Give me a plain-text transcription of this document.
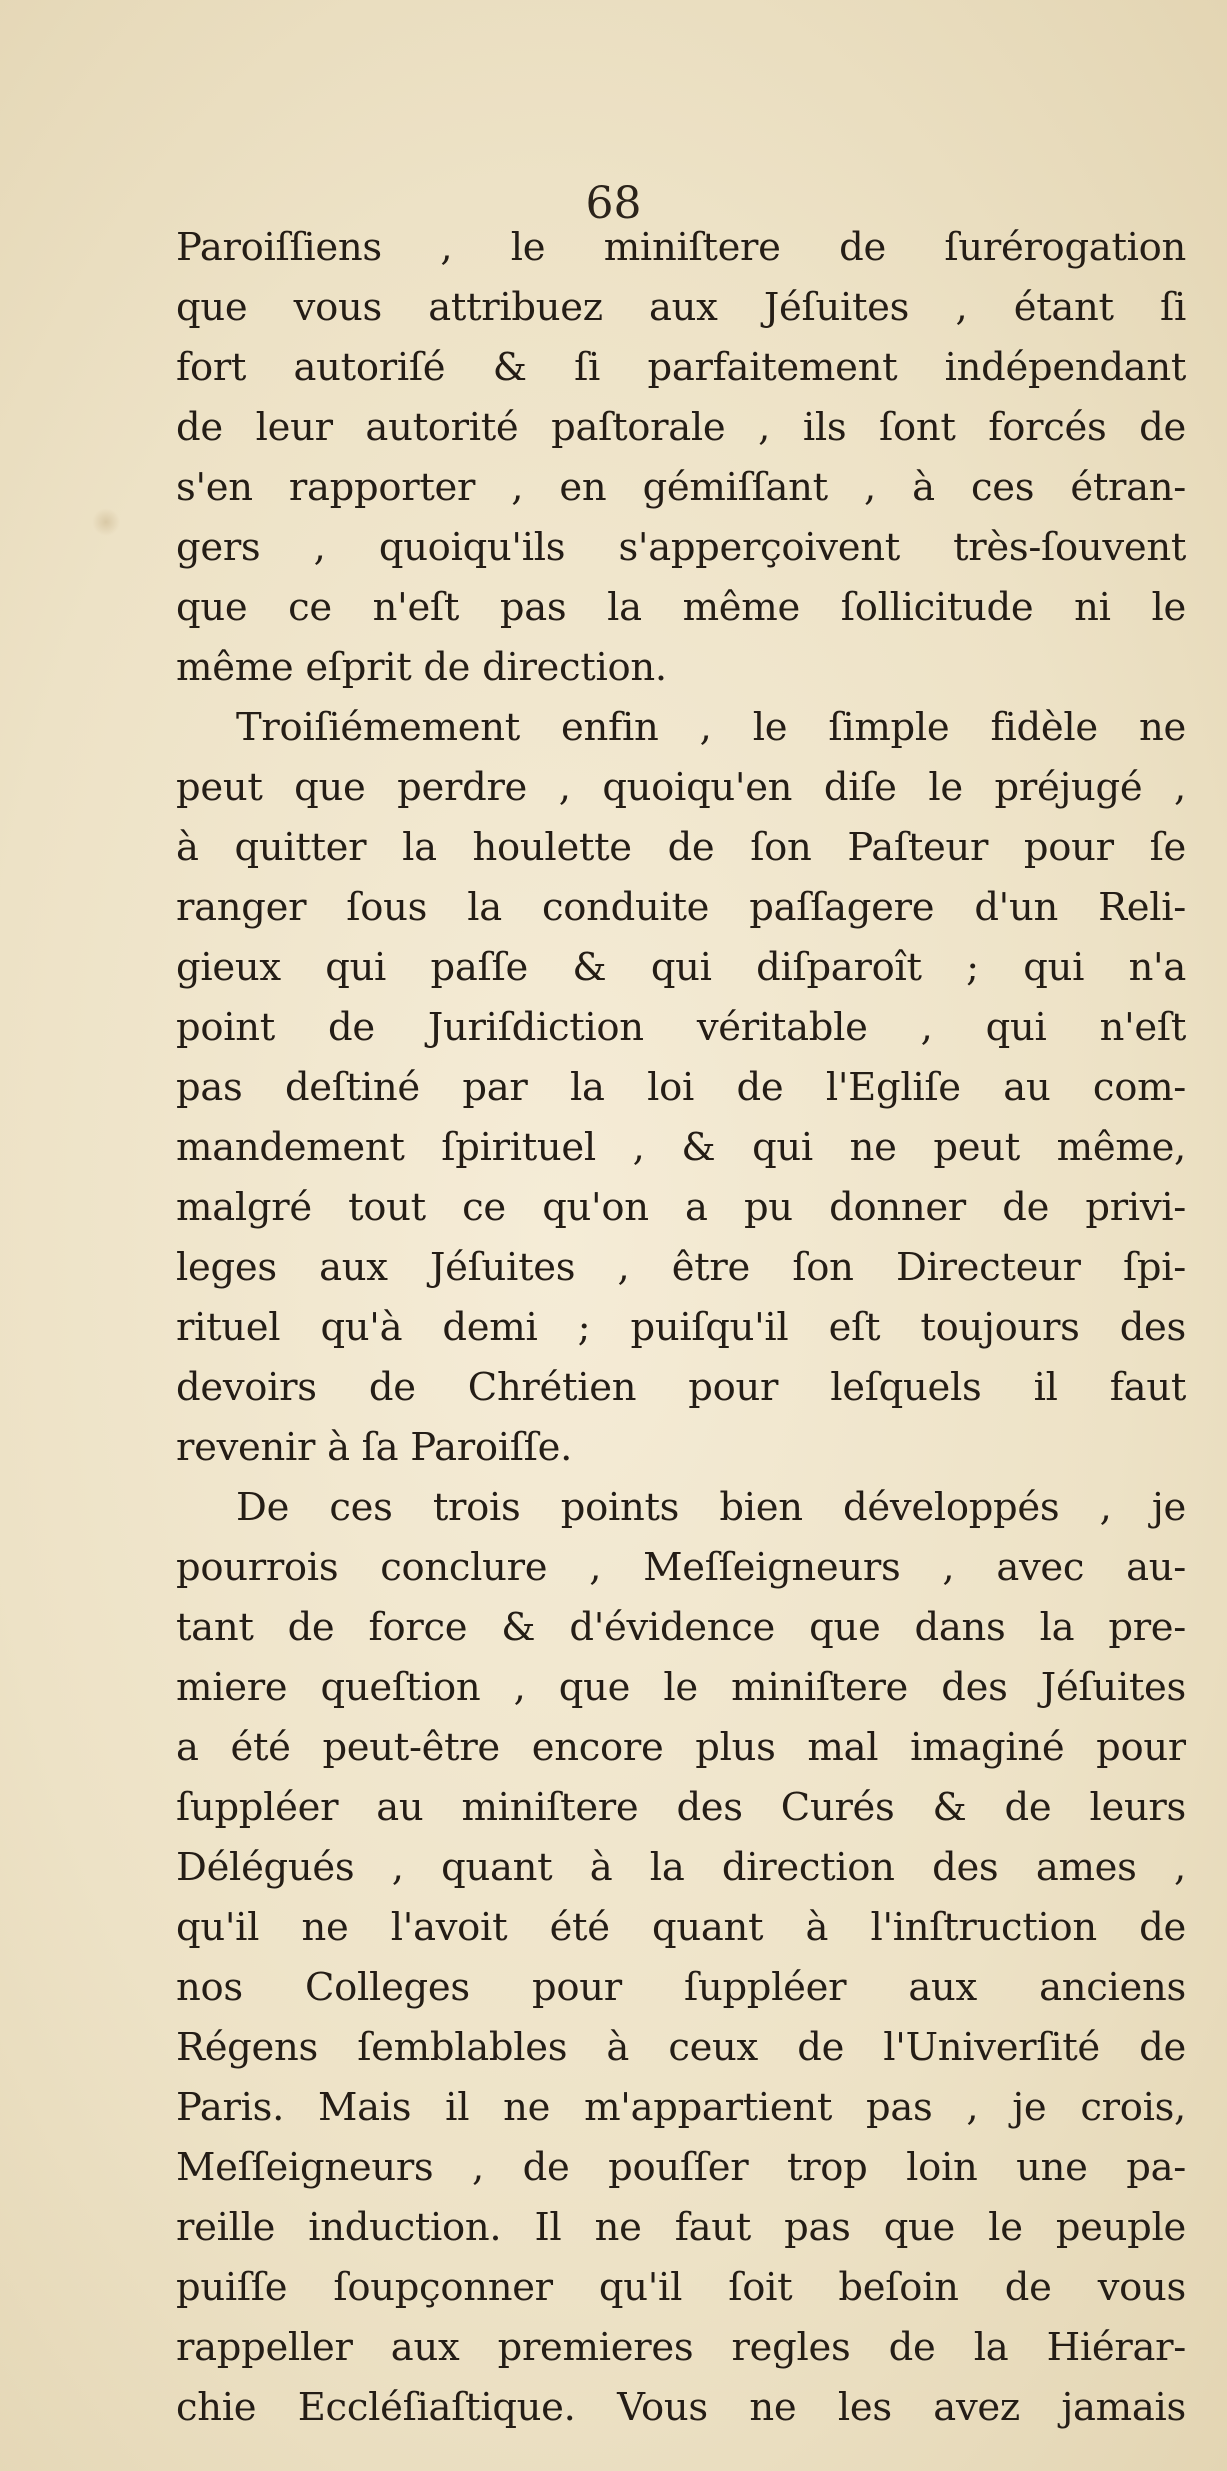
68
Paroiſſiens , le miniſtere de ſurérogation
que vous attribuez aux Jéſuites , étant ſi
fort autoriſé & ſi parfaitement indépendant
de leur autorité paſtorale , ils ſont forcés de
s'en rapporter , en gémiſſant , à ces étran-
gers , quoiqu'ils s'apperçoivent très-ſouvent
que ce n'eſt pas la même ſollicitude ni le
même eſprit de direction.
Troiſiémement enfin , le ſimple fidèle ne
peut que perdre , quoiqu'en diſe le préjugé ,
à quitter la houlette de ſon Paſteur pour ſe
ranger ſous la conduite paſſagere d'un Reli-
gieux qui paſſe & qui diſparoît ; qui n'a
point de Juriſdiction véritable , qui n'eſt
pas deſtiné par la loi de l'Egliſe au com-
mandement ſpirituel , & qui ne peut même,
malgré tout ce qu'on a pu donner de privi-
leges aux Jéſuites , être ſon Directeur ſpi-
rituel qu'à demi ; puiſqu'il eſt toujours des
devoirs de Chrétien pour leſquels il faut
revenir à ſa Paroiſſe.
De ces trois points bien développés , je
pourrois conclure , Meſſeigneurs , avec au-
tant de force & d'évidence que dans la pre-
miere queſtion , que le miniſtere des Jéſuites
a été peut-être encore plus mal imaginé pour
ſuppléer au miniſtere des Curés & de leurs
Délégués , quant à la direction des ames ,
qu'il ne l'avoit été quant à l'inſtruction de
nos Colleges pour ſuppléer aux anciens
Régens ſemblables à ceux de l'Univerſité de
Paris. Mais il ne m'appartient pas , je crois,
Meſſeigneurs , de pouſſer trop loin une pa-
reille induction. Il ne faut pas que le peuple
puiſſe ſoupçonner qu'il ſoit beſoin de vous
rappeller aux premieres regles de la Hiérar-
chie Eccléſiaſtique. Vous ne les avez jamais
